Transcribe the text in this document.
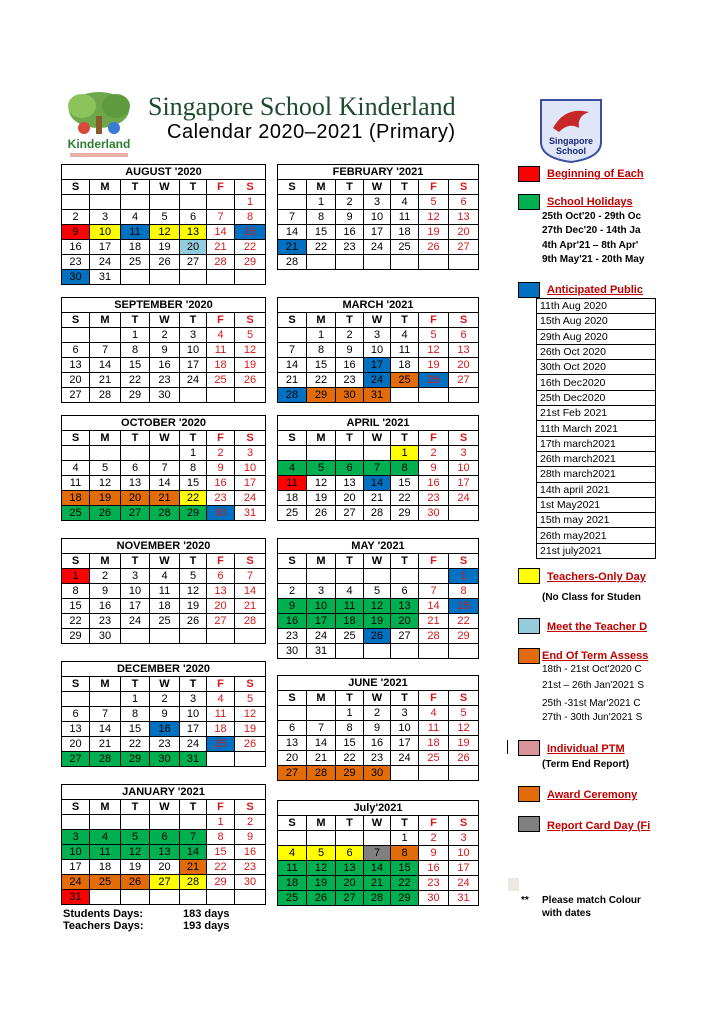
Kinderland
Singapore School Kinderland
Calendar 2020–2021 (Primary)	Singapore
School
AUGUST '2020						
S	M	T	W	T	F	S
						1
2	3	4	5	6	7	8
9	10	11	12	13	14	15
16	17	18	19	20	21	22
23	24	25	26	27	28	29
30	31					
SEPTEMBER '2020						
S	M	T	W	T	F	S
		1	2	3	4	5
6	7	8	9	10	11	12
13	14	15	16	17	18	19
20	21	22	23	24	25	26
27	28	29	30			
OCTOBER '2020						
S	M	T	W	T	F	S
				1	2	3
4	5	6	7	8	9	10
11	12	13	14	15	16	17
18	19	20	21	22	23	24
25	26	27	28	29	30	31
NOVEMBER '2020						
S	M	T	W	T	F	S
1	2	3	4	5	6	7
8	9	10	11	12	13	14
15	16	17	18	19	20	21
22	23	24	25	26	27	28
29	30					
DECEMBER '2020						
S	M	T	W	T	F	S
		1	2	3	4	5
6	7	8	9	10	11	12
13	14	15	16	17	18	19
20	21	22	23	24	25	26
27	28	29	30	31		
JANUARY '2021						
S	M	T	W	T	F	S
					1	2
3	4	5	6	7	8	9
10	11	12	13	14	15	16
17	18	19	20	21	22	23
24	25	26	27	28	29	30
31						
FEBRUARY '2021						
S	M	T	W	T	F	S
	1	2	3	4	5	6
7	8	9	10	11	12	13
14	15	16	17	18	19	20
21	22	23	24	25	26	27
28						
MARCH '2021						
S	M	T	W	T	F	S
	1	2	3	4	5	6
7	8	9	10	11	12	13
14	15	16	17	18	19	20
21	22	23	24	25	26	27
28	29	30	31			
APRIL '2021						
S	M	T	W	T	F	S
				1	2	3
4	5	6	7	8	9	10
11	12	13	14	15	16	17
18	19	20	21	22	23	24
25	26	27	28	29	30	
MAY '2021						
S	M	T	W	T	F	S
						1
2	3	4	5	6	7	8
9	10	11	12	13	14	15
16	17	18	19	20	21	22
23	24	25	26	27	28	29
30	31					
JUNE '2021						
S	M	T	W	T	F	S
		1	2	3	4	5
6	7	8	9	10	11	12
13	14	15	16	17	18	19
20	21	22	23	24	25	26
27	28	29	30			
July'2021						
S	M	T	W	T	F	S
				1	2	3
4	5	6	7	8	9	10
11	12	13	14	15	16	17
18	19	20	21	22	23	24
25	26	27	28	29	30	31
Students Days:	183 days
Teachers Days:	193 days
Beginning of Each
School Holidays
25th Oct'20 - 29th Oc
27th Dec'20 - 14th Ja
4th Apr'21 – 8th Apr'
9th May'21 - 20th May
Anticipated Public
11th Aug 2020
15th Aug 2020
29th Aug 2020
26th Oct 2020
30th Oct 2020
16th Dec2020
25th Dec2020
21st Feb 2021
11th March 2021
17th march2021
26th march2021
28th march2021
14th april 2021
1st May2021
15th may 2021
26th may2021
21st july2021
Teachers-Only Day
(No Class for Studen
Meet the Teacher D
End Of Term Assess
18th - 21st Oct'2020 C
21st – 26th Jan'2021 S
25th -31st Mar'2021 C
27th - 30th Jun'2021 S
Individual PTM
(Term End Report)
Award Ceremony
Report Card Day (Fi
** Please match Colour
with dates
